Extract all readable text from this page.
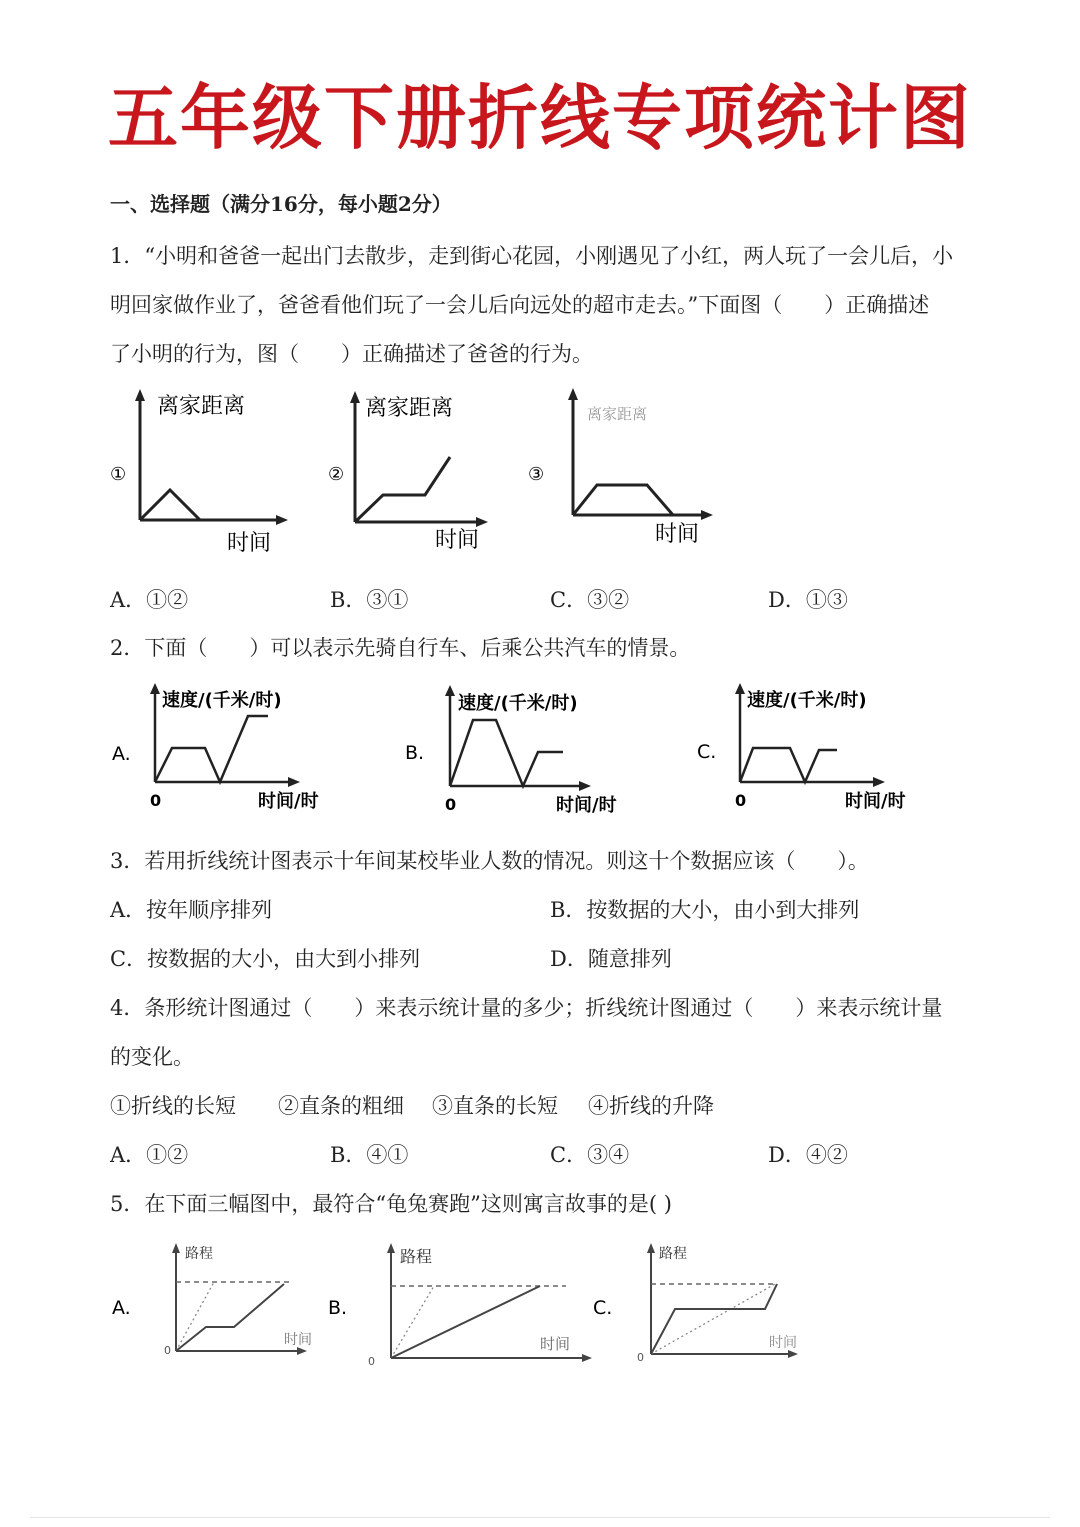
五年级下册折线专项统计图
一、选择题（满分16分，每小题2分）
1．“小明和爸爸一起出门去散步，走到街心花园，小刚遇见了小红，两人玩了一会儿后，小
明回家做作业了，爸爸看他们玩了一会儿后向远处的超市走去。”下面图（　　）正确描述
了小明的行为，图（　　）正确描述了爸爸的行为。
①
离家距离
时间
②
离家距离
时间
③
离家距离
时间
A．①②	B．③①	C．③②	D．①③
2．下面（　　）可以表示先骑自行车、后乘公共汽车的情景。
A.
速度/(千米/时)
0	时间/时
B.
速度/(千米/时)
0	时间/时
C.
速度/(千米/时)
0	时间/时
3．若用折线统计图表示十年间某校毕业人数的情况。则这十个数据应该（　　）。
A．按年顺序排列	B．按数据的大小，由小到大排列
C．按数据的大小，由大到小排列	D．随意排列
4．条形统计图通过（　　）来表示统计量的多少；折线统计图通过（　　）来表示统计量
的变化。
①折线的长短 ②直条的粗细 ③直条的长短 ④折线的升降
A．①②	B．④①	C．③④	D．④②
5．在下面三幅图中，最符合“龟兔赛跑”这则寓言故事的是( )
A.
路程
0
时间
B.
路程
0
时间
C.
路程
0
时间
